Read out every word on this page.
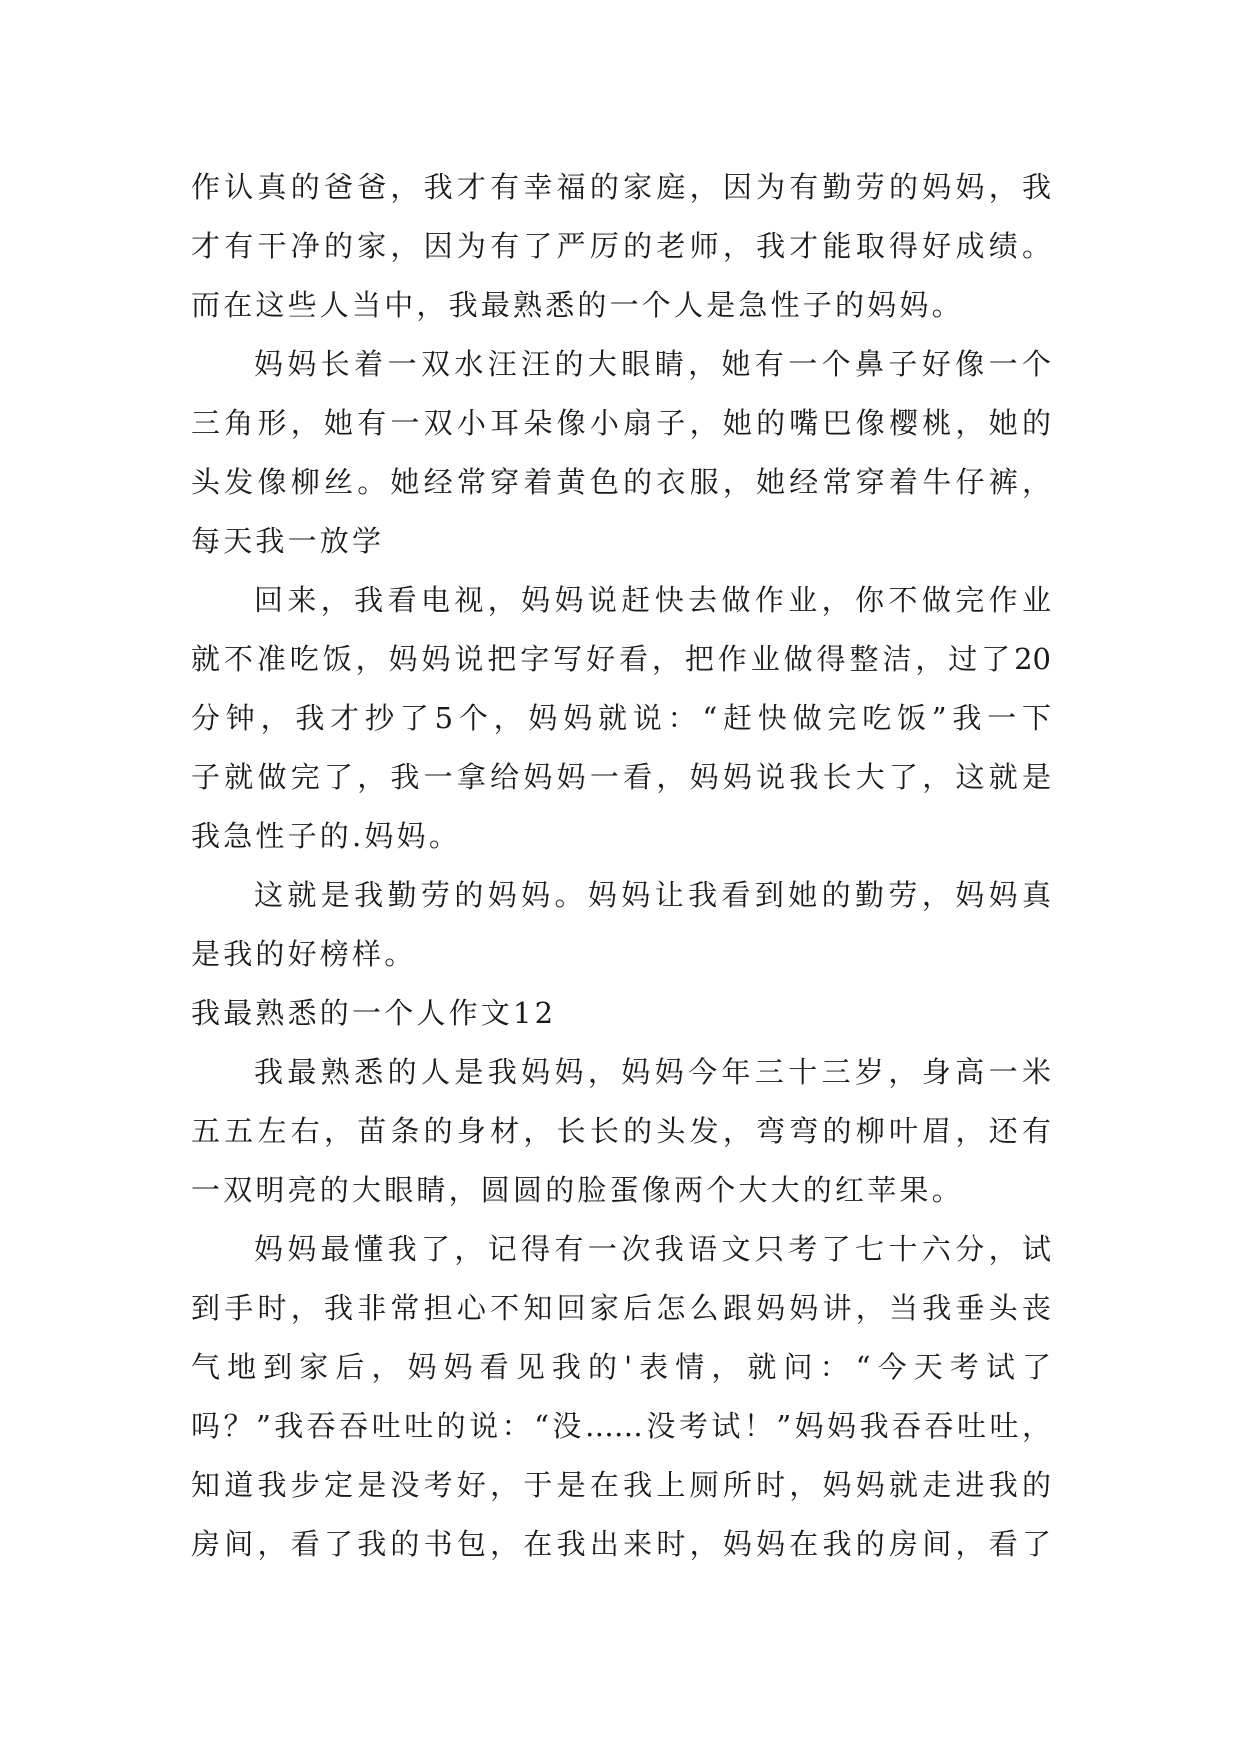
作认真的爸爸，我才有幸福的家庭，因为有勤劳的妈妈，我
才有干净的家，因为有了严厉的老师，我才能取得好成绩。
而在这些人当中，我最熟悉的一个人是急性子的妈妈。
妈妈长着一双水汪汪的大眼睛，她有一个鼻子好像一个
三角形，她有一双小耳朵像小扇子，她的嘴巴像樱桃，她的
头发像柳丝。她经常穿着黄色的衣服，她经常穿着牛仔裤，
每天我一放学
回来，我看电视，妈妈说赶快去做作业，你不做完作业
就不准吃饭，妈妈说把字写好看，把作业做得整洁，过了20
分钟，我才抄了5个，妈妈就说：“赶快做完吃饭”我一下
子就做完了，我一拿给妈妈一看，妈妈说我长大了，这就是
我急性子的.妈妈。
这就是我勤劳的妈妈。妈妈让我看到她的勤劳，妈妈真
是我的好榜样。
我最熟悉的一个人作文12
我最熟悉的人是我妈妈，妈妈今年三十三岁，身高一米
五五左右，苗条的身材，长长的头发，弯弯的柳叶眉，还有
一双明亮的大眼睛，圆圆的脸蛋像两个大大的红苹果。
妈妈最懂我了，记得有一次我语文只考了七十六分，试
到手时，我非常担心不知回家后怎么跟妈妈讲，当我垂头丧
气地到家后，妈妈看见我的'表情，就问：“今天考试了
吗？”我吞吞吐吐的说：“没……没考试！”妈妈我吞吞吐吐，
知道我步定是没考好，于是在我上厕所时，妈妈就走进我的
房间，看了我的书包，在我出来时，妈妈在我的房间，看了
